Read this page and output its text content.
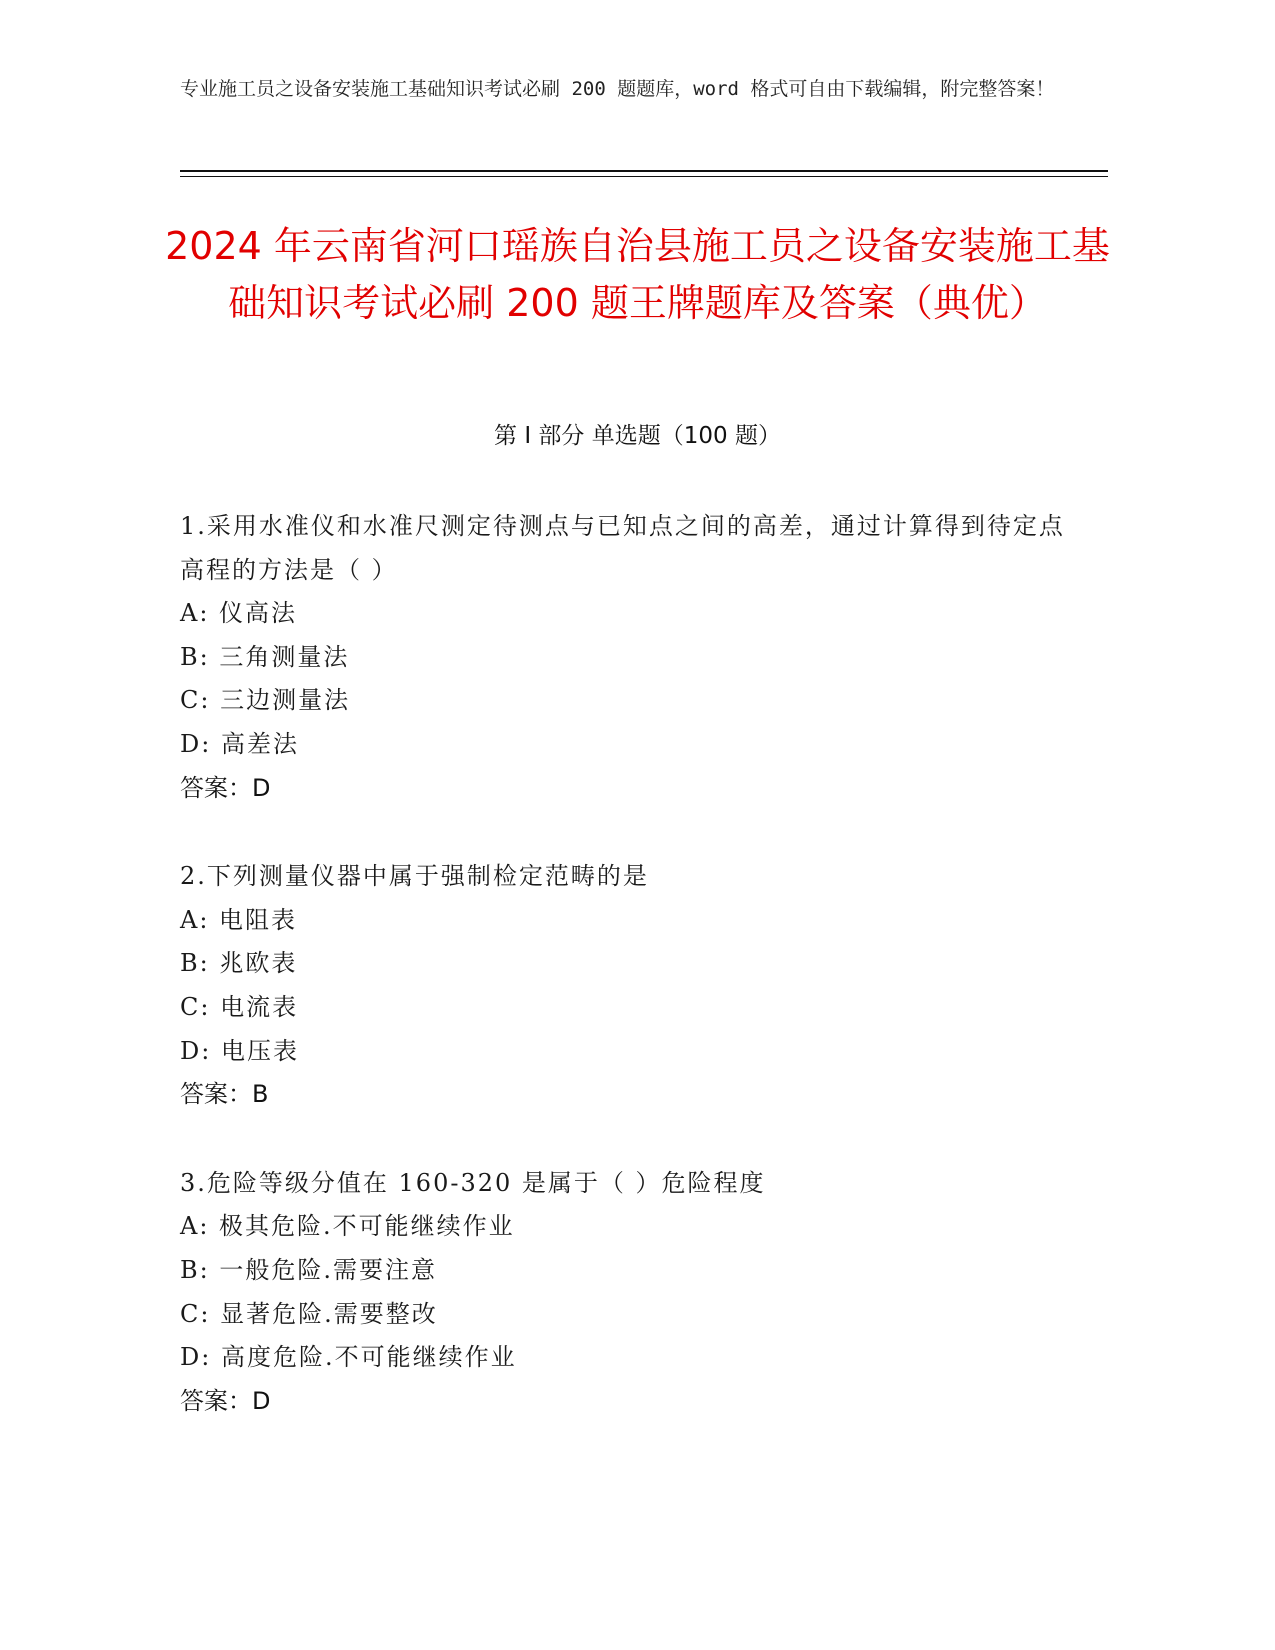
专业施工员之设备安装施工基础知识考试必刷 200 题题库，word 格式可自由下载编辑，附完整答案！
2024 年云南省河口瑶族自治县施工员之设备安装施工基础知识考试必刷 200 题王牌题库及答案（典优）
第 I 部分 单选题（100 题）
1.采用水准仪和水准尺测定待测点与已知点之间的高差，通过计算得到待定点高程的方法是（ ）
A: 仪高法
B: 三角测量法
C: 三边测量法
D: 高差法
答案：D
2.下列测量仪器中属于强制检定范畴的是
A: 电阻表
B: 兆欧表
C: 电流表
D: 电压表
答案：B
3.危险等级分值在 160-320 是属于（ ）危险程度
A: 极其危险.不可能继续作业
B: 一般危险.需要注意
C: 显著危险.需要整改
D: 高度危险.不可能继续作业
答案：D
